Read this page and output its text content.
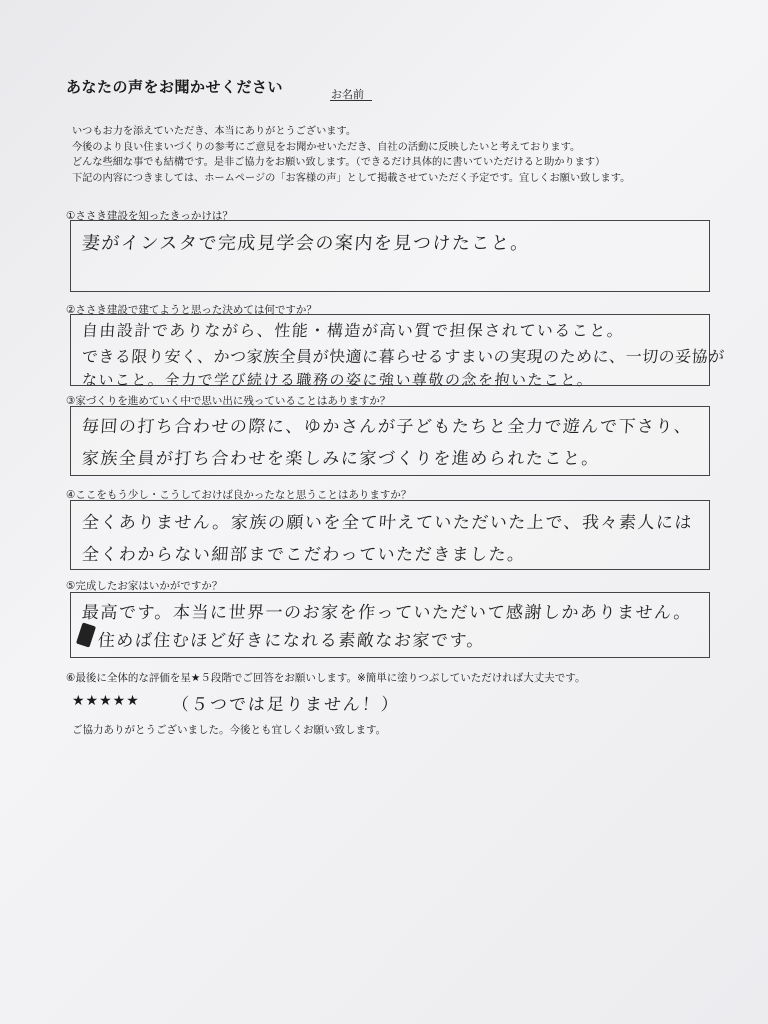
あなたの声をお聞かせください	お名前
いつもお力を添えていただき、本当にありがとうございます。
今後のより良い住まいづくりの参考にご意見をお聞かせいただき、自社の活動に反映したいと考えております。
どんな些細な事でも結構です。是非ご協力をお願い致します。（できるだけ具体的に書いていただけると助かります）
下記の内容につきましては、ホームページの「お客様の声」として掲載させていただく予定です。宜しくお願い致します。
①ささき建設を知ったきっかけは？
妻がインスタで完成見学会の案内を見つけたこと。
②ささき建設で建てようと思った決めては何ですか？
自由設計でありながら、性能・構造が高い質で担保されていること。
できる限り安く、かつ家族全員が快適に暮らせるすまいの実現のために、一切の妥協が
ないこと。全力で学び続ける職務の姿に強い尊敬の念を抱いたこと。
③家づくりを進めていく中で思い出に残っていることはありますか？
毎回の打ち合わせの際に、ゆかさんが子どもたちと全力で遊んで下さり、
家族全員が打ち合わせを楽しみに家づくりを進められたこと。
④ここをもう少し・こうしておけば良かったなと思うことはありますか？
全くありません。家族の願いを全て叶えていただいた上で、我々素人には
全くわからない細部までこだわっていただきました。
⑤完成したお家はいかがですか？
最高です。本当に世界一のお家を作っていただいて感謝しかありません。
住めば住むほど好きになれる素敵なお家です。
⑥最後に全体的な評価を星★５段階でご回答をお願いします。※簡単に塗りつぶしていただければ大丈夫です。
★★★★★ （５つでは足りません！）
ご協力ありがとうございました。今後とも宜しくお願い致します。
